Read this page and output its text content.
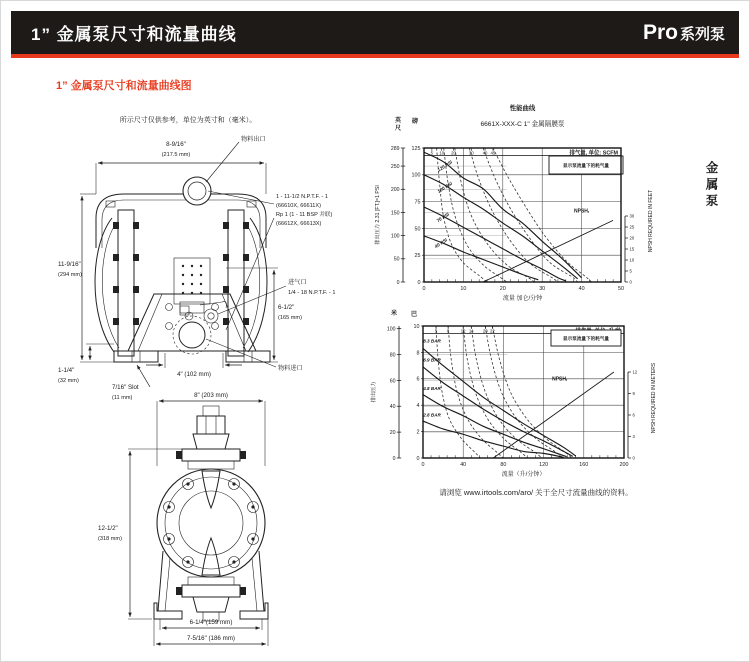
1” 金属泵尺寸和流量曲线	Pro 系列泵
1” 金属泵尺寸和流量曲线图
金属泵
请浏览 www.irtools.com/aro/ 关于全尺寸流量曲线的资料。
所示尺寸仅供参考，单位为英寸和（毫米）。
物料出口
8-9/16"
(217.5 mm)
1 - 11-1/2 N.P.T.F. - 1
(66610X, 66611X)
Rp 1 (1 - 11 BSP 并联)
(66612X, 66613X)
进气口
1/4 - 18 N.P.T.F. - 1
6-1/2"
(165 mm)
11-9/16"
(294 mm)
1-1/4"
(32 mm)
4" (102 mm)
7/16" Slot
(11 mm)
物料进口
8" (203 mm)
12-1/2"
(318 mm)
6-1/4"(159 mm)
7-5/16" (186 mm)
5 10 20	30 40 45	排气量, 单位: SCFM
120 PSI
100 PSI
70 PSI
40 PSI
NPSHᵣ
显示泵流量下的耗气量
0	10	20	30	40	50
流量 加仑/分钟
0
25
50
75
100
125
0
50
100
150
200
250
289
英
尺
磅
排出压力 2.31 [FT.]=1 PSI
0
5
10
15
20
25
30	NPSH REQUIRED IN FEET
性能曲线
6661X-XXX-C 1" 金属隔膜泵
5 8	12 14 20 22
8.3 BAR
6.9 BAR
4.8 BAR
2.8 BAR
NPSHᵣ
显示泵流量下的耗气量
0	40	80	120	160	200
流量（升/分钟）
0
2
4
6
8
10
0
20
40
60
80
100
米 巴
排出压力
0
3
6
9
12	NPSH REQUIRED IN METERS
